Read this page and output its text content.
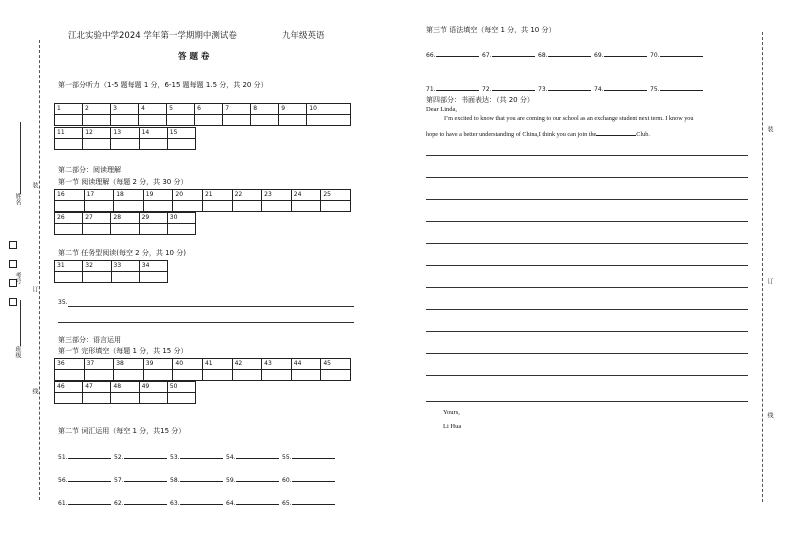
装
订
线
姓名

考号
班级
装
订
线
江北实验中学2024 学年第一学期期中测试卷	九年级英语
答 题 卷
第一部分听力（1-5 题每题 1 分，6-15 题每题 1.5 分，共 20 分）
1	2	3	4	5	6	7	8	9	10

11	12	13	14	15

第二部分：阅读理解
第一节 阅读理解（每题 2 分，共 30 分）
16	17	18	19	20	21	22	23	24	25

26	27	28	29	30

第二节 任务型阅读(每空 2 分，共 10 分)
31	32	33	34

35.
第三部分：语言运用
第一节 完形填空（每题 1 分，共 15 分）
36	37	38	39	40	41	42	43	44	45

46	47	48	49	50

第二节 词汇运用（每空 1 分，共15 分）
51.	52.	53.	54.	55.
56.	57.	58.	59.	60.
61.	62.	63.	64.	65.
第三节 语法填空（每空 1 分，共 10 分）
66.	67.	68.	69.	70.
71.	72.	73.	74.	75.
第四部分：书面表达：（共 20 分）
Dear Linda,
I’m excited to know that you are coming to our school as an exchange student next term. I know you
hope to have a better understanding of China,I think you can join the	Club.
Yours,
Li Hua
